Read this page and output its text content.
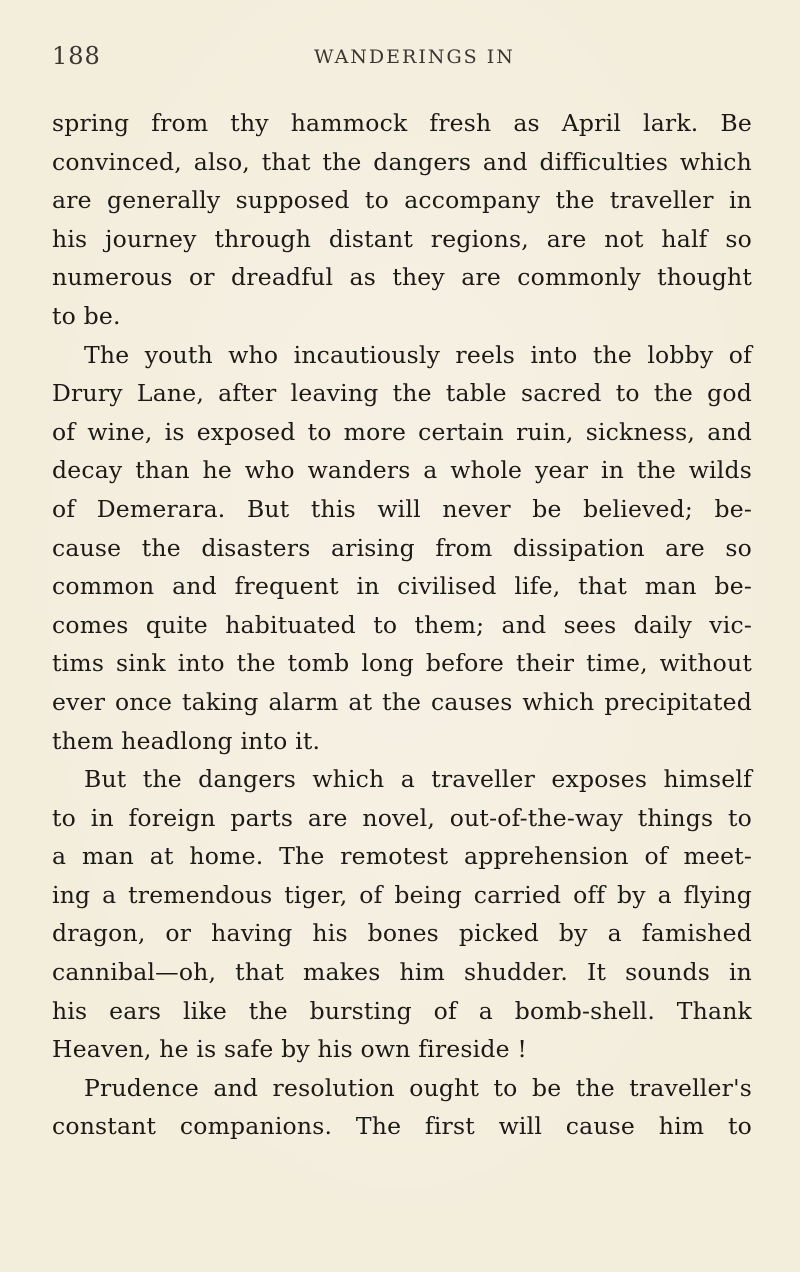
188	WANDERINGS IN
spring from thy hammock fresh as April lark. Be
convinced, also, that the dangers and difficulties which
are generally supposed to accompany the traveller in
his journey through distant regions, are not half so
numerous or dreadful as they are commonly thought
to be.
The youth who incautiously reels into the lobby of
Drury Lane, after leaving the table sacred to the god
of wine, is exposed to more certain ruin, sickness, and
decay than he who wanders a whole year in the wilds
of Demerara. But this will never be believed; be-
cause the disasters arising from dissipation are so
common and frequent in civilised life, that man be-
comes quite habituated to them; and sees daily vic-
tims sink into the tomb long before their time, without
ever once taking alarm at the causes which precipitated
them headlong into it.
But the dangers which a traveller exposes himself
to in foreign parts are novel, out-of-the-way things to
a man at home. The remotest apprehension of meet-
ing a tremendous tiger, of being carried off by a flying
dragon, or having his bones picked by a famished
cannibal—oh, that makes him shudder. It sounds in
his ears like the bursting of a bomb-shell. Thank
Heaven, he is safe by his own fireside !
Prudence and resolution ought to be the traveller's
constant companions. The first will cause him to
